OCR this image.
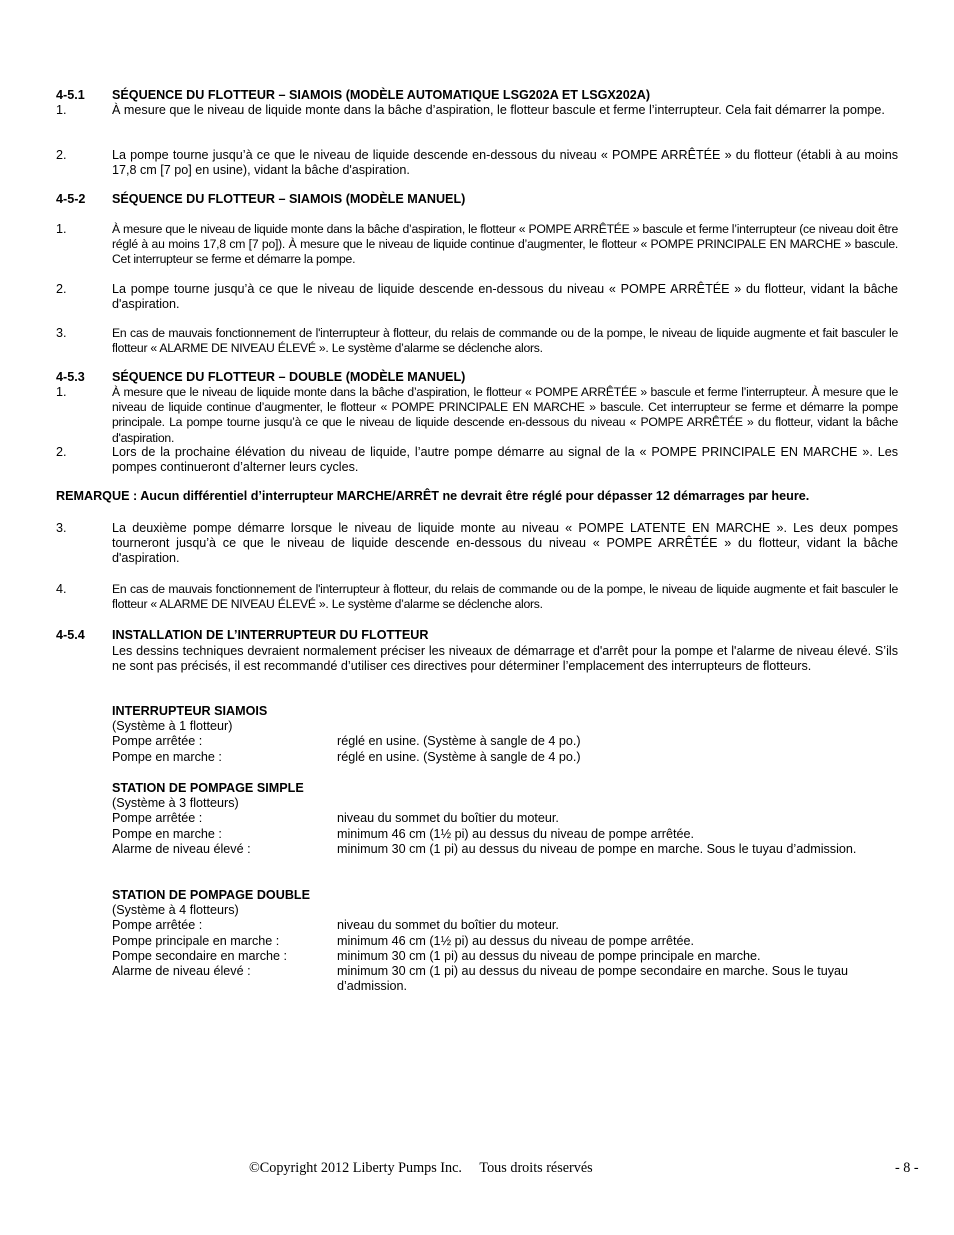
4-5.1 SÉQUENCE DU FLOTTEUR – SIAMOIS (MODÈLE AUTOMATIQUE LSG202A ET LSGX202A)
1.	À mesure que le niveau de liquide monte dans la bâche d’aspiration, le flotteur bascule et ferme l’interrupteur. Cela fait démarrer la pompe.
2.	La pompe tourne jusqu’à ce que le niveau de liquide descende en-dessous du niveau « POMPE ARRÊTÉE » du flotteur (établi à au moins 17,8 cm [7 po] en usine), vidant la bâche d'aspiration.
4-5-2 SÉQUENCE DU FLOTTEUR – SIAMOIS (MODÈLE MANUEL)
1.	À mesure que le niveau de liquide monte dans la bâche d’aspiration, le flotteur « POMPE ARRÊTÉE » bascule et ferme l’interrupteur (ce niveau doit être réglé à au moins 17,8 cm [7 po]). À mesure que le niveau de liquide continue d’augmenter, le flotteur « POMPE PRINCIPALE EN MARCHE » bascule. Cet interrupteur se ferme et démarre la pompe.
2.	La pompe tourne jusqu’à ce que le niveau de liquide descende en-dessous du niveau « POMPE ARRÊTÉE » du flotteur, vidant la bâche d'aspiration.
3.	En cas de mauvais fonctionnement de l'interrupteur à flotteur, du relais de commande ou de la pompe, le niveau de liquide augmente et fait basculer le flotteur « ALARME DE NIVEAU ÉLEVÉ ». Le système d’alarme se déclenche alors.
4-5.3 SÉQUENCE DU FLOTTEUR – DOUBLE (MODÈLE MANUEL)
1.	À mesure que le niveau de liquide monte dans la bâche d’aspiration, le flotteur « POMPE ARRÊTÉE » bascule et ferme l’interrupteur. À mesure que le niveau de liquide continue d’augmenter, le flotteur « POMPE PRINCIPALE EN MARCHE » bascule. Cet interrupteur se ferme et démarre la pompe principale. La pompe tourne jusqu’à ce que le niveau de liquide descende en-dessous du niveau « POMPE ARRÊTÉE » du flotteur, vidant la bâche d'aspiration.
2.	Lors de la prochaine élévation du niveau de liquide, l’autre pompe démarre au signal de la « POMPE PRINCIPALE EN MARCHE ». Les pompes continueront d’alterner leurs cycles.
REMARQUE : Aucun différentiel d’interrupteur MARCHE/ARRÊT ne devrait être réglé pour dépasser 12 démarrages par heure.
3.	La deuxième pompe démarre lorsque le niveau de liquide monte au niveau « POMPE LATENTE EN MARCHE ». Les deux pompes tourneront jusqu’à ce que le niveau de liquide descende en-dessous du niveau « POMPE ARRÊTÉE » du flotteur, vidant la bâche d'aspiration.
4.	En cas de mauvais fonctionnement de l'interrupteur à flotteur, du relais de commande ou de la pompe, le niveau de liquide augmente et fait basculer le flotteur « ALARME DE NIVEAU ÉLEVÉ ». Le système d’alarme se déclenche alors.
4-5.4 INSTALLATION DE L’INTERRUPTEUR DU FLOTTEUR
Les dessins techniques devraient normalement préciser les niveaux de démarrage et d'arrêt pour la pompe et l'alarme de niveau élevé. S’ils ne sont pas précisés, il est recommandé d’utiliser ces directives pour déterminer l’emplacement des interrupteurs de flotteurs.
INTERRUPTEUR SIAMOIS
(Système à 1 flotteur)
Pompe arrêtée :	réglé en usine. (Système à sangle de 4 po.)
Pompe en marche :	réglé en usine. (Système à sangle de 4 po.)
STATION DE POMPAGE SIMPLE
(Système à 3 flotteurs)
Pompe arrêtée :	niveau du sommet du boîtier du moteur.
Pompe en marche :	minimum 46 cm (1½ pi) au dessus du niveau de pompe arrêtée.
Alarme de niveau élevé :	minimum 30 cm (1 pi) au dessus du niveau de pompe en marche. Sous le tuyau d’admission.
STATION DE POMPAGE DOUBLE
(Système à 4 flotteurs)
Pompe arrêtée :	niveau du sommet du boîtier du moteur.
Pompe principale en marche :	minimum 46 cm (1½ pi) au dessus du niveau de pompe arrêtée.
Pompe secondaire en marche :	minimum 30 cm (1 pi) au dessus du niveau de pompe principale en marche.
Alarme de niveau élevé :	minimum 30 cm (1 pi) au dessus du niveau de pompe secondaire en marche. Sous le tuyau d’admission.
©Copyright 2012 Liberty Pumps Inc.     Tous droits réservés	- 8 -
